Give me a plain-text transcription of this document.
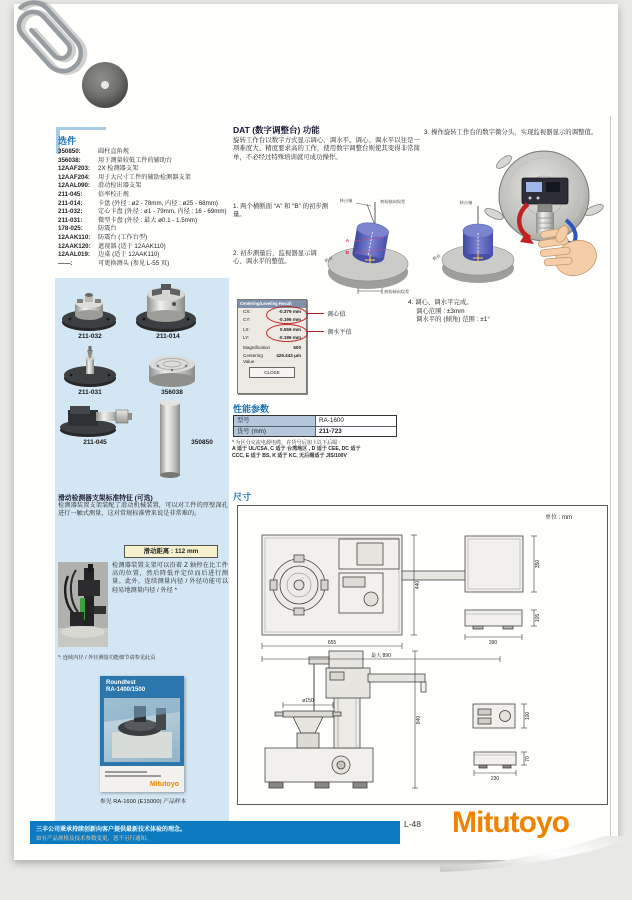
选件
350850:	圆柱直角规
356038:	用于测量较低工件的辅助台
12AAF203:	2X 检测器支架
12AAF204:	用于大尺寸工件的辅助检测器支架
12AAL090:	滑动检出器支架
211-045:	倍率校正规
211-014:	卡盘 (外径 : ø2 - 78mm, 内径 : ø25 - 68mm)
211-032:	定心卡盘 (外径 : ø1 - 79mm, 内径 : 16 - 69mm)
211-031:	微型卡盘 (外径 : 最大 ø0.1 - 1.5mm)
178-025:	防震台
12AAK110:	防震台 (工作台型)
12AAK120:	遮视器 (适于 12AAK110)
12AAL019:	边桌 (适于 12AAK110)
——:	可更换测头 (参见 L-55 页)
211-032	211-014
211-031	356038
211-045	350850
滑动检测器支架标准特征 (可选)
检测器装置支架装配了滑动机械装置，可以对工件的厚壁深孔进行一触式测量，这对常规标准臂来说是非常难的。
滑动距离 : 112 mm
检测器装置支架可以沿着 Z 轴停在比工件高的位置，然后降低并定位而后进行测量。此外，连续测量内径 / 外径功能可以轻易地测量内径 / 外径 *
*: 连续内径 / 外径测量功能细节请参见此页
Roundtest
RA-1400/1500
Mitutoyo
参见 RA-1600 (E15000) 产品样本
DAT (数字调整台) 功能
旋转工作台以数字方式显示调心、调水平。调心、调水平以往是一项难度大、精度要求高的工作，使用数字调整台则使其变得非常简单，不必经过特殊培训就可成功操作。
3. 操作旋转工作台的数字微分头，实现监视器显示的调整值。
1. 两个横断面 “A” 和 “B” 的初步测量。
A
B
转台轴	初始轴向误差
初始轴向误差
转台
转台轴
转台
2. 初步测量后，监视器显示调心、调水平的整值。
Centering/Leveling Result
CX:	-0.379 mm
CY:	-0.196 mm
LX:	0.559 mm
LY:	-0.196 mm
Magnification	500
Centering Value
426.443 μm
CLOSE
调心值
调水平值
4. 调心、调水平完成。
调心范围 : ±3mm
调水平的 (倾角) 范围 : ±1°
性能参数
型号	RA-1600
货号 (mm)	211-723
* 为区分交流电源电缆，在货号后加上以下后缀 :
A 适于 UL/CSA, C 适于 台湾地区 , D 适于 CEE, DC 适于 CCC, E 适于 BS, K 适于 KC, 无后缀适于 JIS/100V
尺寸
单位 : mm
655
最大 890
440
350
390
105
ø150
840	100
230
70
三丰公司秉承持续创新向客户提供最新技术体验的理念。
如有产品规格及技术参数变更，恕不另行通知。
L-48 Mitutoyo
